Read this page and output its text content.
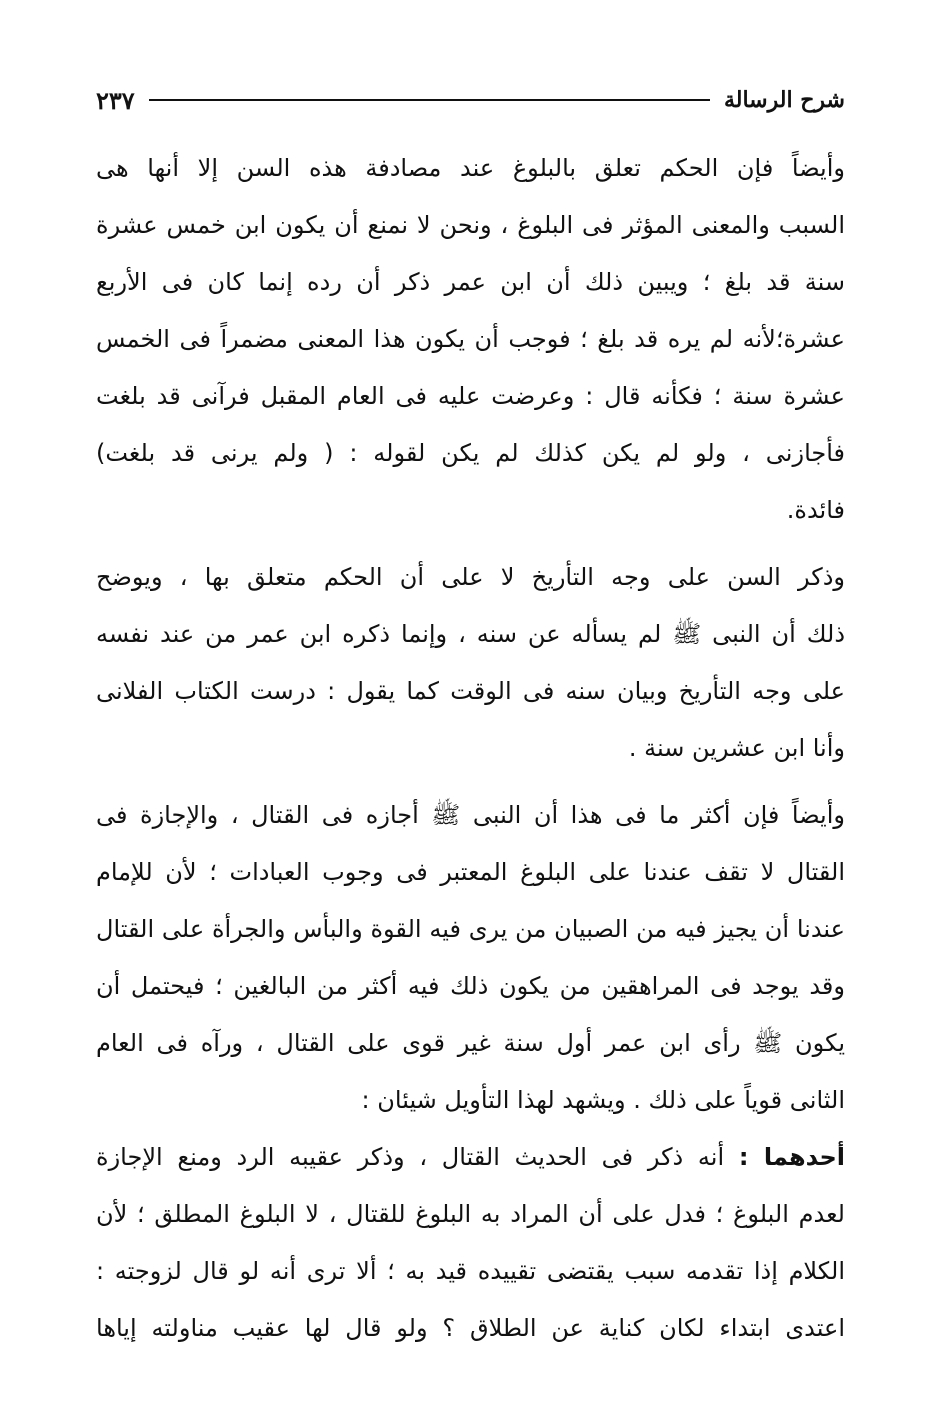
شرح الرسالة
٢٣٧
وأيضاً فإن الحكم تعلق بالبلوغ عند مصادفة هذه السن إلا أنها هى
السبب والمعنى المؤثر فى البلوغ ، ونحن لا نمنع أن يكون ابن خمس عشرة
سنة قد بلغ ؛ ويبين ذلك أن ابن عمر ذكر أن رده إنما كان فى الأربع
عشرة؛لأنه لم يره قد بلغ ؛ فوجب أن يكون هذا المعنى مضمراً فى الخمس
عشرة سنة ؛ فكأنه قال : وعرضت عليه فى العام المقبل فرآنى قد بلغت
فأجازنى ، ولو لم يكن كذلك لم يكن لقوله : ( ولم يرنى قد بلغت)
فائدة.
وذكر السن على وجه التأريخ لا على أن الحكم متعلق بها ، ويوضح
ذلك أن النبى ﷺ لم يسأله عن سنه ، وإنما ذكره ابن عمر من عند نفسه
على وجه التأريخ وبيان سنه فى الوقت كما يقول : درست الكتاب الفلانى
وأنا ابن عشرين سنة .
وأيضاً فإن أكثر ما فى هذا أن النبى ﷺ أجازه فى القتال ، والإجازة فى
القتال لا تقف عندنا على البلوغ المعتبر فى وجوب العبادات ؛ لأن للإمام
عندنا أن يجيز فيه من الصبيان من يرى فيه القوة والبأس والجرأة على القتال
وقد يوجد فى المراهقين من يكون ذلك فيه أكثر من البالغين ؛ فيحتمل أن
يكون ﷺ رأى ابن عمر أول سنة غير قوى على القتال ، ورآه فى العام
الثانى قوياً على ذلك . ويشهد لهذا التأويل شيئان :
أحدهما : أنه ذكر فى الحديث القتال ، وذكر عقيبه الرد ومنع الإجازة
لعدم البلوغ ؛ فدل على أن المراد به البلوغ للقتال ، لا البلوغ المطلق ؛ لأن
الكلام إذا تقدمه سبب يقتضى تقييده قيد به ؛ ألا ترى أنه لو قال لزوجته :
اعتدى ابتداء لكان كناية عن الطلاق ؟ ولو قال لها عقيب مناولته إياها
